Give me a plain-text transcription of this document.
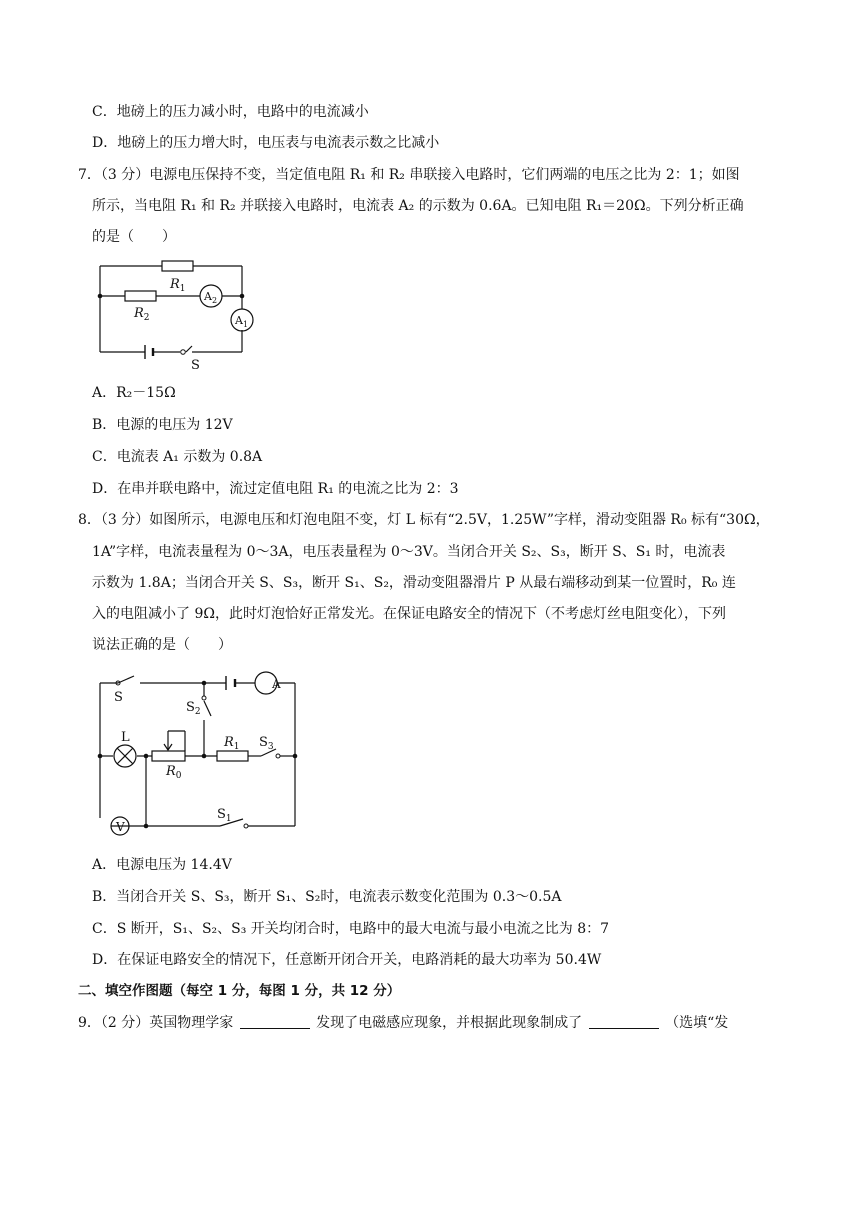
C．地磅上的压力减小时，电路中的电流减小
D．地磅上的压力增大时，电压表与电流表示数之比减小
7．（3 分）电源电压保持不变，当定值电阻 R₁ 和 R₂ 串联接入电路时，它们两端的电压之比为 2：1；如图
所示，当电阻 R₁ 和 R₂ 并联接入电路时，电流表 A₂ 的示数为 0.6A。已知电阻 R₁＝20Ω。下列分析正确
的是（　　）
$R_1$
$R_2$
$A_2$
$A_1$
S
A．R₂－15Ω
B．电源的电压为 12V
C．电流表 A₁ 示数为 0.8A
D．在串并联电路中，流过定值电阻 R₁ 的电流之比为 2：3
8．（3 分）如图所示，电源电压和灯泡电阻不变，灯 L 标有“2.5V，1.25W”字样，滑动变阻器 R₀ 标有“30Ω，
1A”字样，电流表量程为 0～3A，电压表量程为 0～3V。当闭合开关 S₂、S₃，断开 S、S₁ 时，电流表
示数为 1.8A；当闭合开关 S、S₃，断开 S₁、S₂，滑动变阻器滑片 P 从最右端移动到某一位置时，R₀ 连
入的电阻减小了 9Ω，此时灯泡恰好正常发光。在保证电路安全的情况下（不考虑灯丝电阻变化），下列
说法正确的是（　　）
S
A
$S_2$
L	$R_1$ $S_3$
$R_0$
V
$S_1$
A．电源电压为 14.4V
B．当闭合开关 S、S₃，断开 S₁、S₂时，电流表示数变化范围为 0.3～0.5A
C．S 断开，S₁、S₂、S₃ 开关均闭合时，电路中的最大电流与最小电流之比为 8：7
D．在保证电路安全的情况下，任意断开闭合开关，电路消耗的最大功率为 50.4W
二、填空作图题（每空 1 分，每图 1 分，共 12 分）
9．（2 分）英国物理学家	发现了电磁感应现象，并根据此现象制成了	（选填“发
